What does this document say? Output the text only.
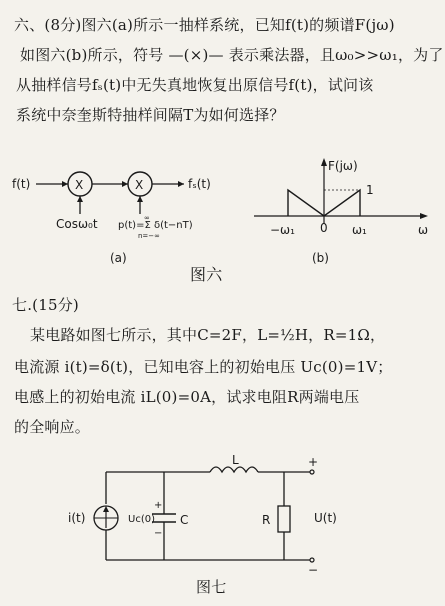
六、(8分)图六(a)所示一抽样系统，已知f(t)的频谱F(jω)
如图六(b)所示，符号 —(×)— 表示乘法器，且ω₀>>ω₁，为了
从抽样信号fₛ(t)中无失真地恢复出原信号f(t)，试问该
系统中奈奎斯特抽样间隔T为如何选择？
f(t)	X	X	fₛ(t)
Cosω₀t p(t)=Σ δ(t−nT)
∞
n=−∞
(a)
ω
F(jω)
1
−ω₁ 0 ω₁
(b)
图六
七.(15分)
某电路如图七所示，其中C=2F，L=½H，R=1Ω，
电流源 i(t)=δ(t)，已知电容上的初始电压 Uc(0)=1V；
电感上的初始电流 iL(0)=0A，试求电阻R两端电压
的全响应。
L
i(t)
+
−
Uc(0) C	R
+
−
U(t)
图七
